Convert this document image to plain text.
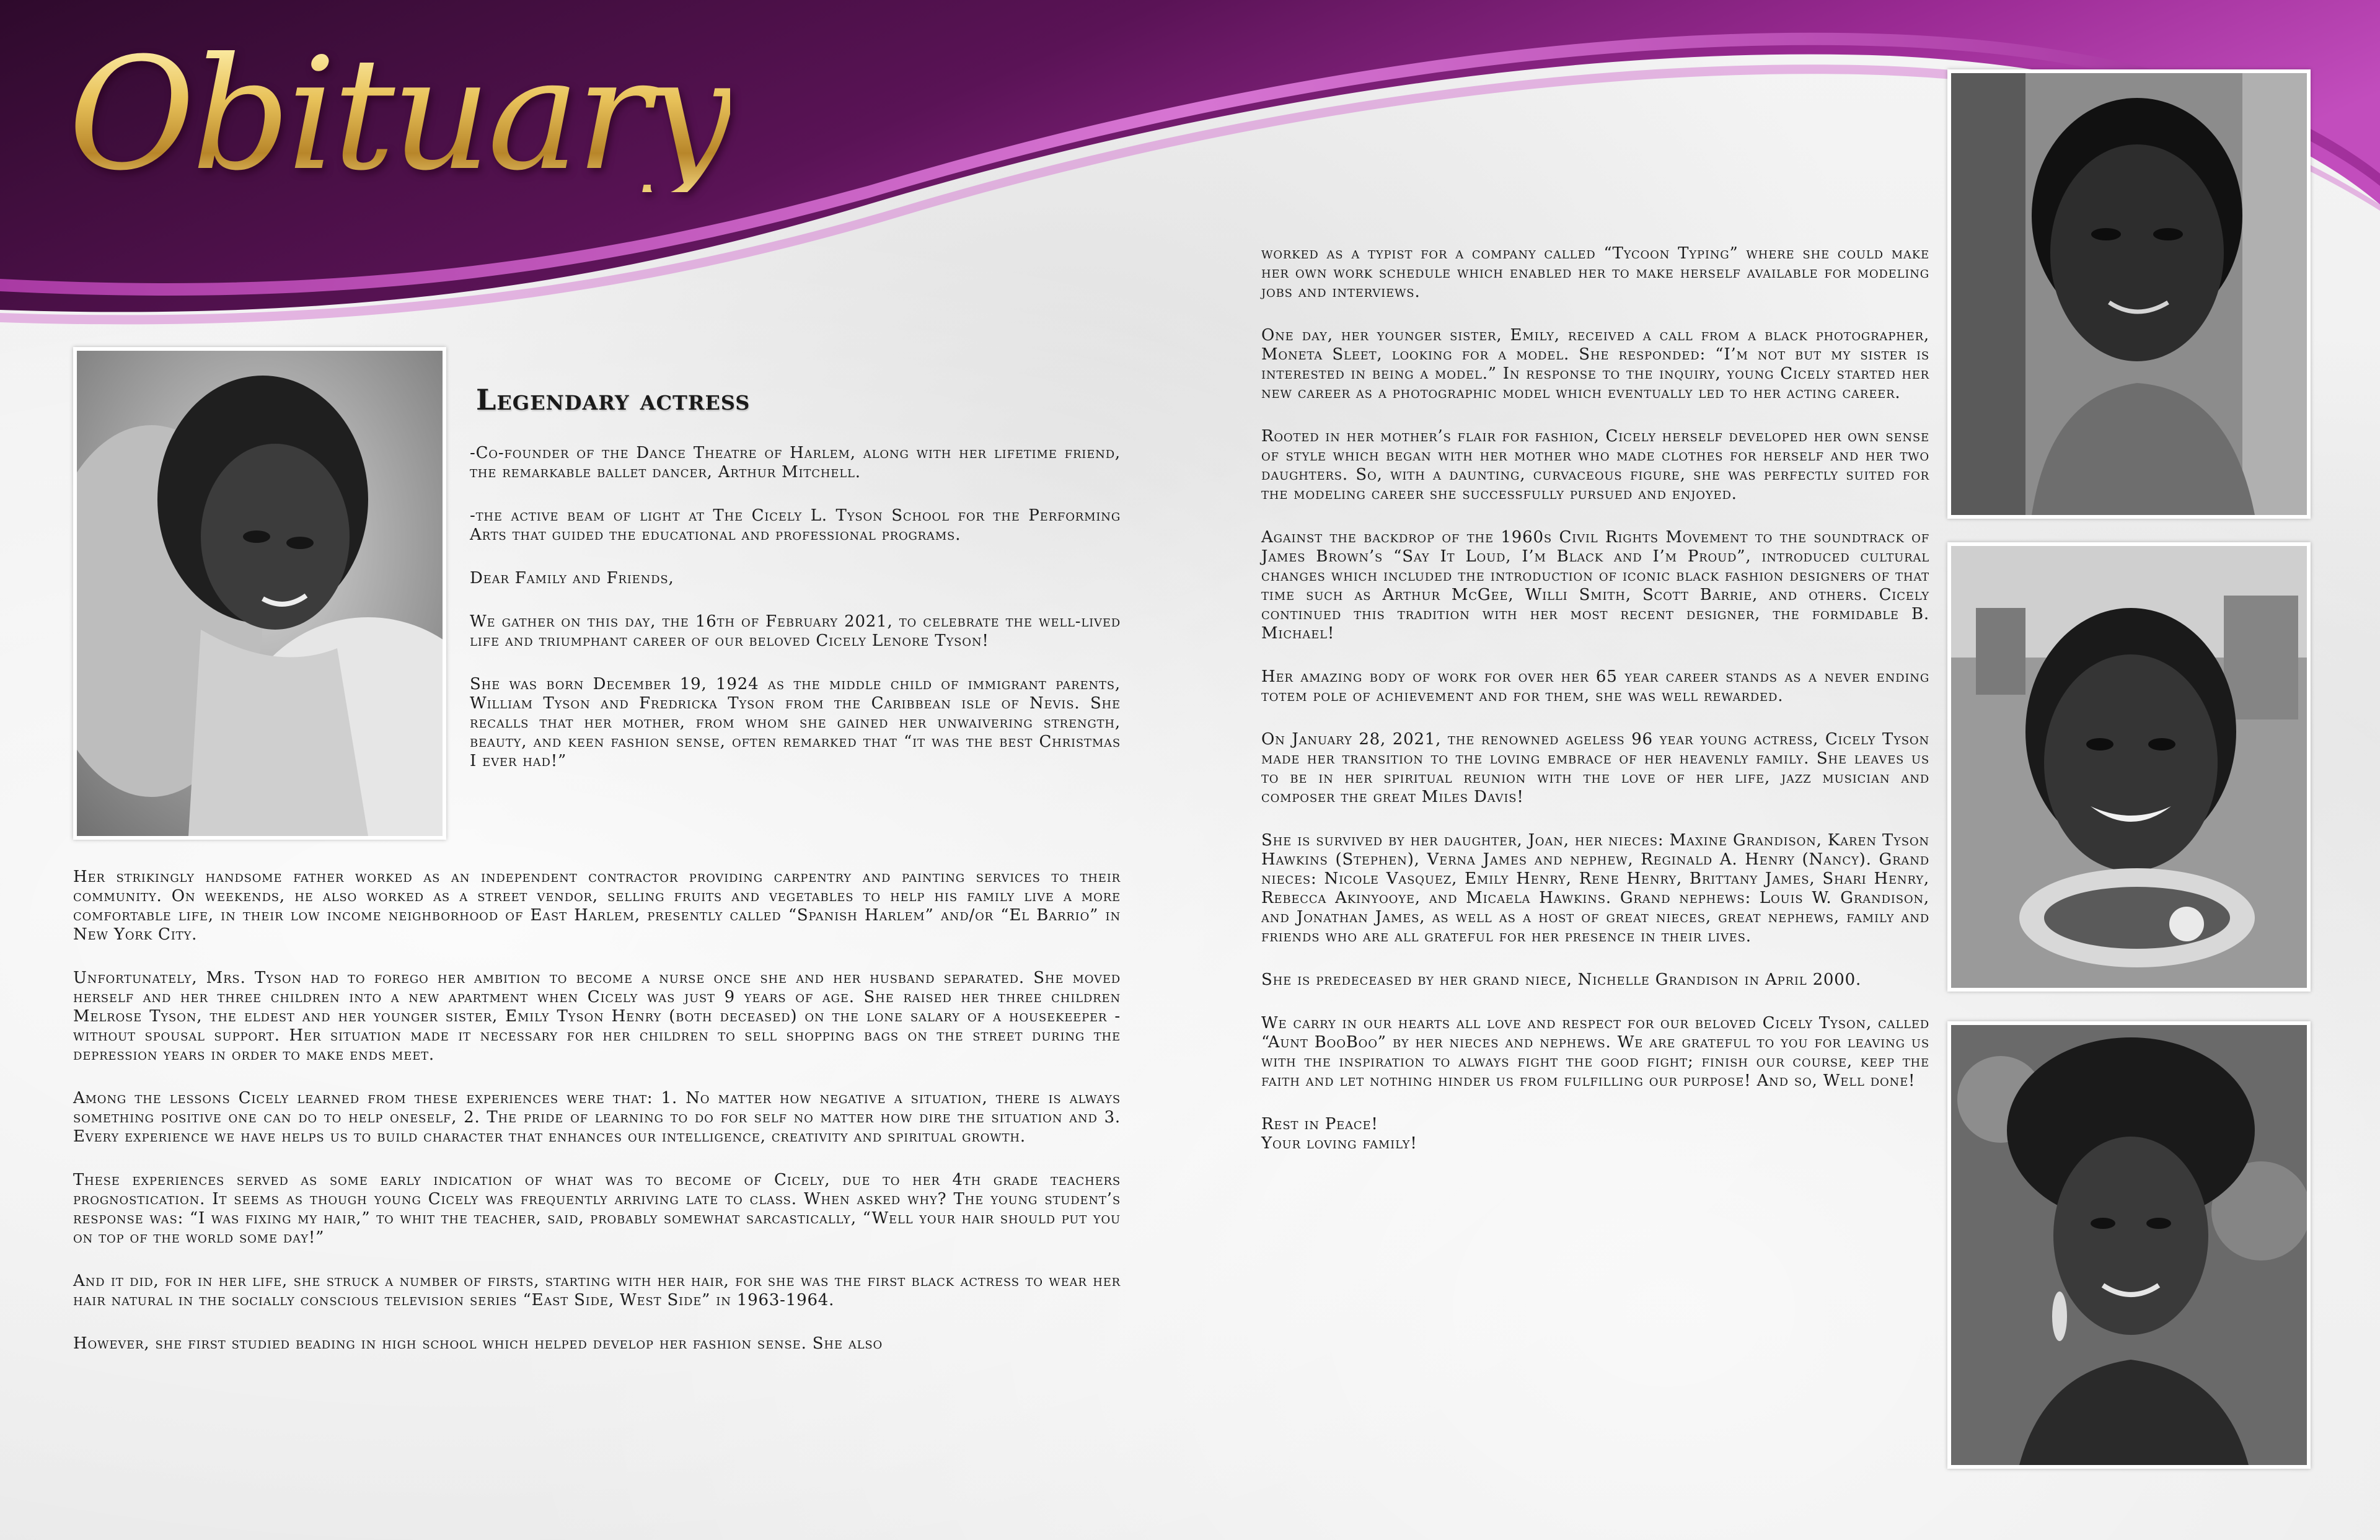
Obituary
Legendary actress

-Co-founder of the Dance Theatre of Harlem, along with her lifetime friend, the remarkable ballet dancer, Arthur Mitchell.

-the active beam of light at The Cicely L. Tyson School for the Performing Arts that guided the educational and professional programs.

Dear Family and Friends,

We gather on this day, the 16th of February 2021, to celebrate the well-lived life and triumphant career of our beloved Cicely Lenore Tyson!

She was born December 19, 1924 as the middle child of immigrant parents, William Tyson and Fredricka Tyson from the Caribbean isle of Nevis. She recalls that her mother, from whom she gained her unwaivering strength, beauty, and keen fashion sense, often remarked that “it was the best Christmas I ever had!”

Her strikingly handsome father worked as an independent contractor providing carpentry and painting services to their community. On weekends, he also worked as a street vendor, selling fruits and vegetables to help his family live a more comfortable life, in their low income neighborhood of East Harlem, presently called “Spanish Harlem” and/or “El Barrio” in New York City.

Unfortunately, Mrs. Tyson had to forego her ambition to become a nurse once she and her husband separated. She moved herself and her three children into a new apartment when Cicely was just 9 years of age. She raised her three children Melrose Tyson, the eldest and her younger sister, Emily Tyson Henry (both deceased) on the lone salary of a housekeeper -without spousal support. Her situation made it necessary for her children to sell shopping bags on the street during the depression years in order to make ends meet.

Among the lessons Cicely learned from these experiences were that: 1. No matter how negative a situation, there is always something positive one can do to help oneself, 2. The pride of learning to do for self no matter how dire the situation and 3. Every experience we have helps us to build character that enhances our intelligence, creativity and spiritual growth.

These experiences served as some early indication of what was to become of Cicely, due to her 4th grade teachers prognostication. It seems as though young Cicely was frequently arriving late to class. When asked why? The young student’s response was: “I was fixing my hair,” to whit the teacher, said, probably somewhat sarcastically, “Well your hair should put you on top of the world some day!”

And it did, for in her life, she struck a number of firsts, starting with her hair, for she was the first black actress to wear her hair natural in the socially conscious television series “East Side, West Side” in 1963-1964.

However, she first studied beading in high school which helped develop her fashion sense. She also

worked as a typist for a company called “Tycoon Typing” where she could make her own work schedule which enabled her to make herself available for modeling jobs and interviews.

One day, her younger sister, Emily, received a call from a black photographer, Moneta Sleet, looking for a model. She responded: “I’m not but my sister is interested in being a model.” In response to the inquiry, young Cicely started her new career as a photographic model which eventually led to her acting career.

Rooted in her mother’s flair for fashion, Cicely herself developed her own sense of style which began with her mother who made clothes for herself and her two daughters. So, with a daunting, curvaceous figure, she was perfectly suited for the modeling career she successfully pursued and enjoyed.

Against the backdrop of the 1960s Civil Rights Movement to the soundtrack of James Brown’s “Say It Loud, I’m Black and I’m Proud”, introduced cultural changes which included the introduction of iconic black fashion designers of that time such as Arthur McGee, Willi Smith, Scott Barrie, and others. Cicely continued this tradition with her most recent designer, the formidable B. Michael!

Her amazing body of work for over her 65 year career stands as a never ending totem pole of achievement and for them, she was well rewarded.

On January 28, 2021, the renowned ageless 96 year young actress, Cicely Tyson made her transition to the loving embrace of her heavenly family. She leaves us to be in her spiritual reunion with the love of her life, jazz musician and composer the great Miles Davis!

She is survived by her daughter, Joan, her nieces: Maxine Grandison, Karen Tyson Hawkins (Stephen), Verna James and nephew, Reginald A. Henry (Nancy). Grand nieces: Nicole Vasquez, Emily Henry, Rene Henry, Brittany James, Shari Henry, Rebecca Akinyooye, and Micaela Hawkins. Grand nephews: Louis W. Grandison, and Jonathan James, as well as a host of great nieces, great nephews, family and friends who are all grateful for her presence in their lives.

She is predeceased by her grand niece, Nichelle Grandison in April 2000.

We carry in our hearts all love and respect for our beloved Cicely Tyson, called “Aunt BooBoo” by her nieces and nephews. We are grateful to you for leaving us with the inspiration to always fight the good fight; finish our course, keep the faith and let nothing hinder us from fulfilling our purpose! And so, Well done!

Rest in Peace!

Your loving family!
